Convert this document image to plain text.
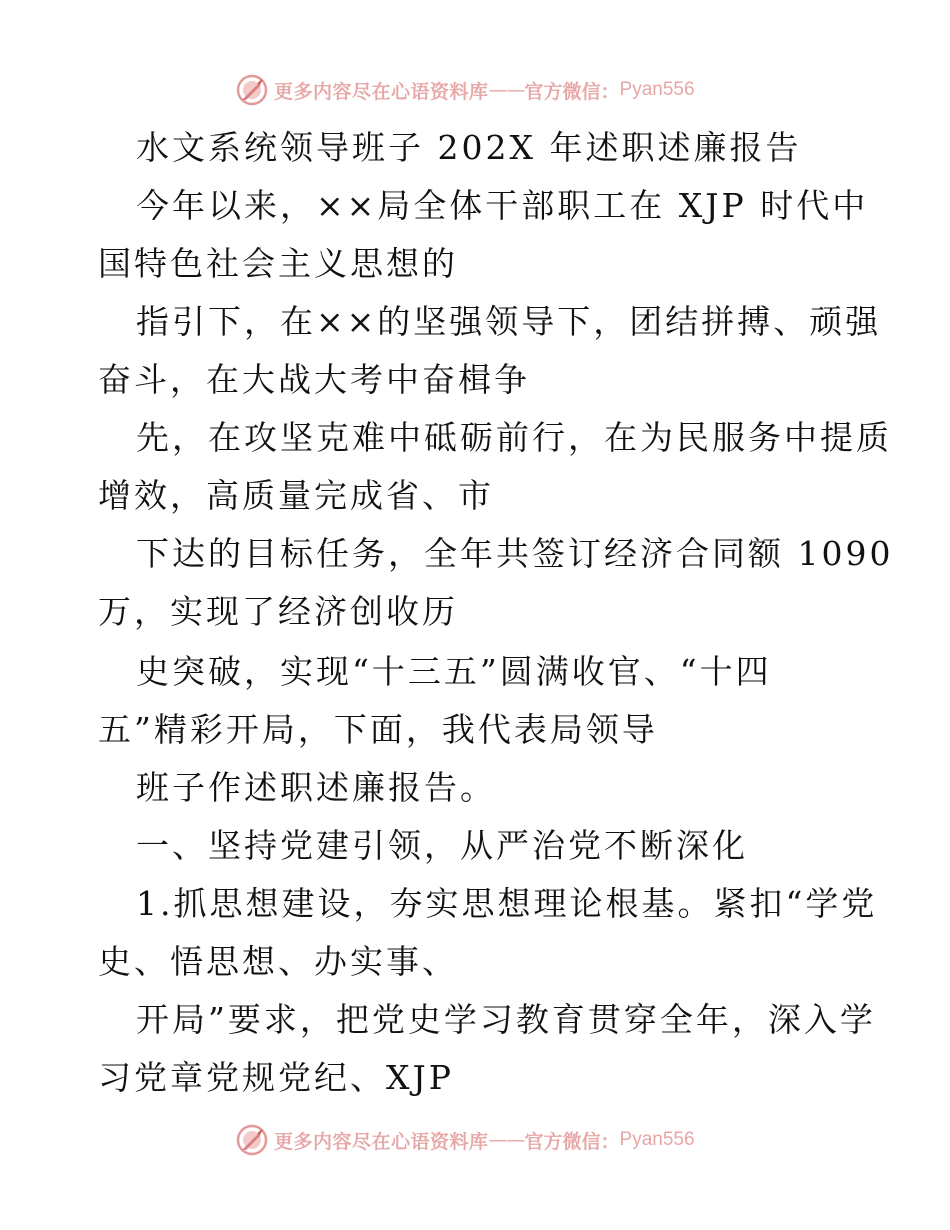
更多内容尽在心语资料库 —— 官方微信： Pyan556
水文系统领导班子 202X 年述职述廉报告
今年以来，××局全体干部职工在 XJP 时代中
国特色社会主义思想的
指引下，在××的坚强领导下，团结拼搏、顽强
奋斗，在大战大考中奋楫争
先，在攻坚克难中砥砺前行，在为民服务中提质
增效，高质量完成省、市
下达的目标任务，全年共签订经济合同额 1090
万，实现了经济创收历
史突破，实现“十三五”圆满收官、“十四
五”精彩开局，下面，我代表局领导
班子作述职述廉报告。
一、坚持党建引领，从严治党不断深化
1.抓思想建设，夯实思想理论根基。紧扣“学党
史、悟思想、办实事、
开局”要求，把党史学习教育贯穿全年，深入学
习党章党规党纪、XJP
更多内容尽在心语资料库 —— 官方微信： Pyan556
